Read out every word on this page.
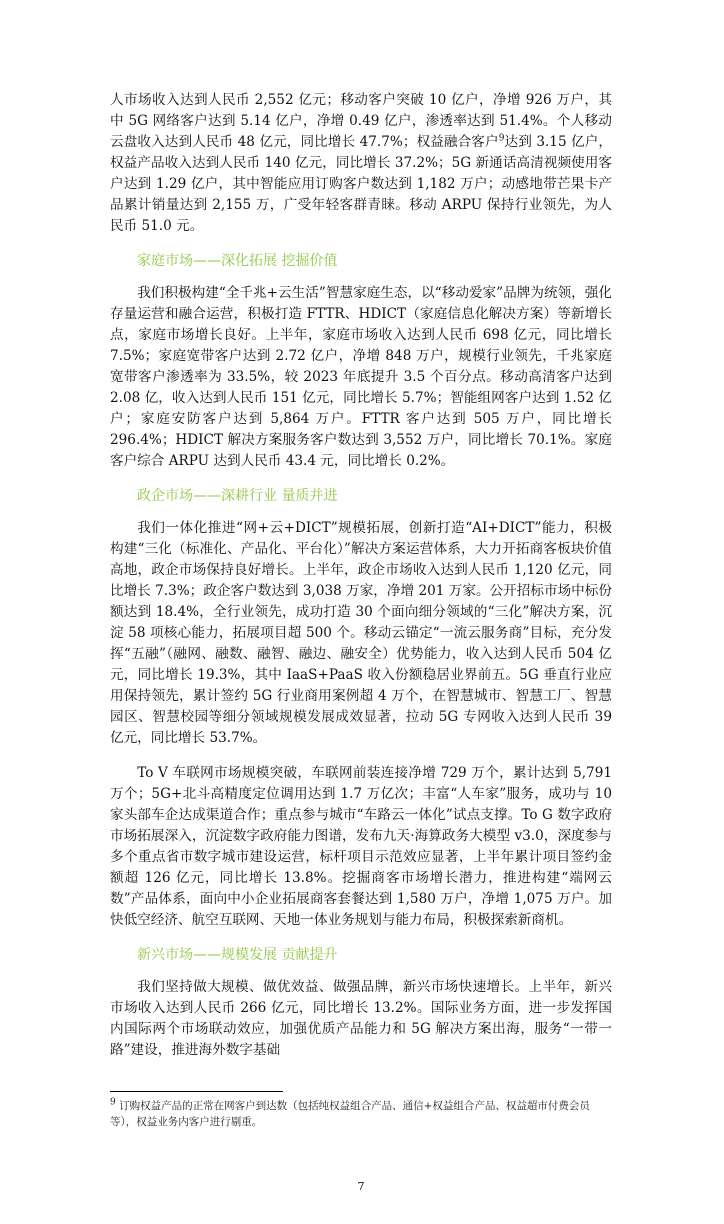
人市场收入达到人民币 2,552 亿元；移动客户突破 10 亿户，净增 926 万户，其中 5G 网络客户达到 5.14 亿户，净增 0.49 亿户，渗透率达到 51.4%。个人移动云盘收入达到人民币 48 亿元，同比增长 47.7%；权益融合客户$^9$达到 3.15 亿户，权益产品收入达到人民币 140 亿元，同比增长 37.2%；5G 新通话高清视频使用客户达到 1.29 亿户，其中智能应用订购客户数达到 1,182 万户；动感地带芒果卡产品累计销量达到 2,155 万，广受年轻客群青睐。移动 ARPU 保持行业领先，为人民币 51.0 元。

家庭市场——深化拓展 挖掘价值

我们积极构建“全千兆+云生活”智慧家庭生态，以“移动爱家”品牌为统领，强化存量运营和融合运营，积极打造 FTTR、HDICT（家庭信息化解决方案）等新增长点，家庭市场增长良好。上半年，家庭市场收入达到人民币 698 亿元，同比增长 7.5%；家庭宽带客户达到 2.72 亿户，净增 848 万户，规模行业领先，千兆家庭宽带客户渗透率为 33.5%，较 2023 年底提升 3.5 个百分点。移动高清客户达到 2.08 亿，收入达到人民币 151 亿元，同比增长 5.7%；智能组网客户达到 1.52 亿户；家庭安防客户达到 5,864 万户。FTTR 客户达到 505 万户，同比增长 296.4%；HDICT 解决方案服务客户数达到 3,552 万户，同比增长 70.1%。家庭客户综合 ARPU 达到人民币 43.4 元，同比增长 0.2%。

政企市场——深耕行业 量质并进

我们一体化推进“网+云+DICT”规模拓展，创新打造“AI+DICT”能力，积极构建“三化（标准化、产品化、平台化）”解决方案运营体系，大力开拓商客板块价值高地，政企市场保持良好增长。上半年，政企市场收入达到人民币 1,120 亿元，同比增长 7.3%；政企客户数达到 3,038 万家，净增 201 万家。公开招标市场中标份额达到 18.4%，全行业领先，成功打造 30 个面向细分领域的“三化”解决方案，沉淀 58 项核心能力，拓展项目超 500 个。移动云锚定“一流云服务商”目标，充分发挥“五融”（融网、融数、融智、融边、融安全）优势能力，收入达到人民币 504 亿元，同比增长 19.3%，其中 IaaS+PaaS 收入份额稳居业界前五。5G 垂直行业应用保持领先，累计签约 5G 行业商用案例超 4 万个，在智慧城市、智慧工厂、智慧园区、智慧校园等细分领域规模发展成效显著，拉动 5G 专网收入达到人民币 39 亿元，同比增长 53.7%。

To V 车联网市场规模突破，车联网前装连接净增 729 万个，累计达到 5,791 万个；5G+北斗高精度定位调用达到 1.7 万亿次；丰富“人车家”服务，成功与 10 家头部车企达成渠道合作；重点参与城市“车路云一体化”试点支撑。To G 数字政府市场拓展深入，沉淀数字政府能力图谱，发布九天·海算政务大模型 v3.0，深度参与多个重点省市数字城市建设运营，标杆项目示范效应显著，上半年累计项目签约金额超 126 亿元，同比增长 13.8%。挖掘商客市场增长潜力，推进构建“端网云数”产品体系，面向中小企业拓展商客套餐达到 1,580 万户，净增 1,075 万户。加快低空经济、航空互联网、天地一体业务规划与能力布局，积极探索新商机。

新兴市场——规模发展 贡献提升

我们坚持做大规模、做优效益、做强品牌，新兴市场快速增长。上半年，新兴市场收入达到人民币 266 亿元，同比增长 13.2%。国际业务方面，进一步发挥国内国际两个市场联动效应，加强优质产品能力和 5G 解决方案出海，服务“一带一路”建设，推进海外数字基础

$^9$ 订购权益产品的正常在网客户到达数（包括纯权益组合产品、通信+权益组合产品、权益超市付费会员等），权益业务内客户进行剔重。
7
